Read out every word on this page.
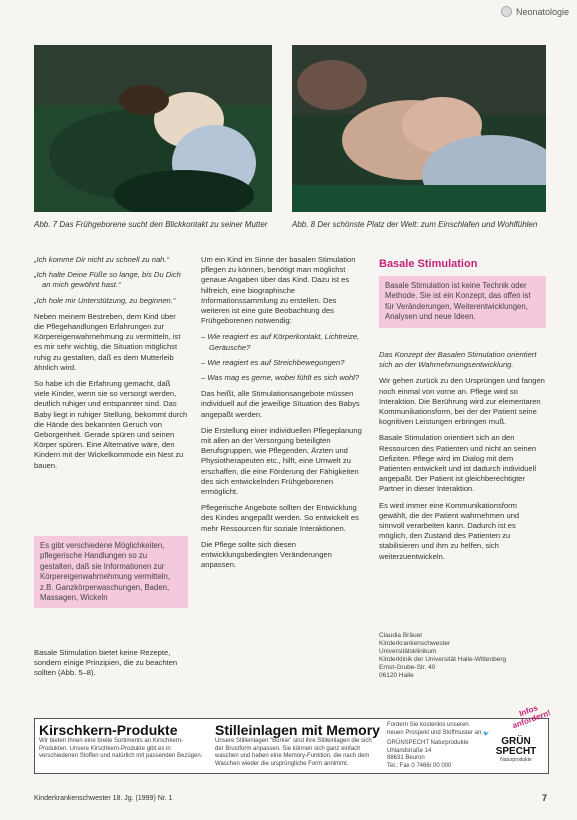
Neonatologie
Abb. 7 Das Frühgeborene sucht den Blickkontakt zu seiner Mutter	Abb. 8 Der schönste Platz der Welt: zum Einschlafen und Wohlfühlen
„Ich komme Dir nicht zu schnell zu nah.“
„Ich halte Deine Füße so lange, bis Du Dich an mich gewöhnt hast.“
„Ich hole mir Unterstützung, zu beginnen.“

Neben meinem Bestreben, dem Kind über die Pflegehandlungen Erfahrungen zur Körpereigenwahrnehmung zu vermitteln, ist es mir sehr wichtig, die Situation möglichst ruhig zu gestalten, daß es dem Mutterleib ähnlich wird.

So habe ich die Erfahrung gemacht, daß viele Kinder, wenn sie so versorgt werden, deutlich ruhiger und entspannter sind. Das Baby liegt in ruhiger Stellung, bekommt durch die Hände des bekannten Geruch von Geborgenheit. Gerade spüren und seinen Körper spüren. Eine Alternative wäre, den Kindern mit der Wickelkommode ein Nest zu bauen.

Es gibt verschiedene Möglichkeiten, pflegerische Handlungen so zu gestalten, daß sie Informationen zur Körpereigenwahrnehmung vermitteln, z.B. Ganzkörperwaschungen, Baden, Massagen, Wickeln

Basale Stimulation bietet keine Rezepte, sondern einige Prinzipien, die zu beachten sollten (Abb. 5–8).

Um ein Kind im Sinne der basalen Stimulation pflegen zu können, benötigt man möglichst genaue Angaben über das Kind. Dazu ist es hilfreich, eine biographische Informationssammlung zu erstellen. Des weiteren ist eine gute Beobachtung des Frühgeborenen notwendig:

– Wie reagiert es auf Körperkontakt, Lichtreize, Geräusche?
– Wie reagiert es auf Streichbewegungen?
– Was mag es gerne, wobei fühlt es sich wohl?

Das heißt, alle Stimulationsangebote müssen individuell auf die jeweilige Situation des Babys angepaßt werden.

Die Erstellung einer individuellen Pflegeplanung mit allen an der Versorgung beteiligten Berufsgruppen, wie Pflegenden, Ärzten und Physiotherapeuten etc., hilft, eine Umwelt zu erschaffen, die eine Förderung der Fähigkeiten des sich entwickelnden Frühgeborenen ermöglicht.

Pflegerische Angebote sollten der Entwicklung des Kindes angepaßt werden. So entwickelt es mehr Ressourcen für soziale Interaktionen.

Die Pflege sollte sich diesen entwicklungsbedingten Veränderungen anpassen.

Basale Stimulation
Basale Stimulation ist keine Technik oder Methode. Sie ist ein Konzept, das offen ist für Veränderungen, Weiterentwicklungen, Analysen und neue Ideen.

Das Konzept der Basalen Stimulation orientiert sich an der Wahrnehmungsentwicklung.

Wir gehen zurück zu den Ursprüngen und fangen noch einmal von vorne an. Pflege wird so Interaktion. Die Berührung wird zur elementaren Kommunikationsform, bei der der Patient seine kognitiven Leistungen erbringen muß.

Basale Stimulation orientiert sich an den Ressourcen des Patienten und nicht an seinen Defiziten. Pflege wird im Dialog mit dem Patienten entwickelt und ist dadurch individuell angepaßt. Der Patient ist gleichberechtigter Partner in dieser Interaktion.

Es wird immer eine Kommunikationsform gewählt, die der Patient wahrnehmen und sinnvoll verarbeiten kann. Dadurch ist es möglich, den Zustand des Patienten zu stabilisieren und ihm zu helfen, sich weiterzuentwickeln.

Claudia Bräuer
Kinderkrankenschwester
Universitätsklinikum
Kinderklinik der Universität Halle-Wittenberg
Ernst-Grube-Str. 40
06120 Halle
Kirschkern-Produkte
Wir bieten Ihnen eine breite Sortiments an Kirschkern-Produkten. Unsere Kirschkern-Produkte gibt es in verschiedenen Stoffen und natürlich mit passenden Bezügen.
Stilleinlagen mit Memory
Unsere Stilleinlagen "Borkie" sind ihre Stilleinlagen die sich der Brustform anpassen. Sie können sich ganz einfach waschen und haben eine Memory-Funktion, die nach dem Waschen wieder die ursprüngliche Form annimmt.
Fordern Sie kostenlos unseren neuen Prospekt und Stoffmuster an:
GRÜNSPECHT Naturprodukte
Uhlandstraße 14
88631 Beuron
Tel.: Fax 0 7466/ 00 000
GRÜN
SPECHT
Naturprodukte
🐦
Infos anfordern!
Kinderkrankenschwester 18. Jg. (1999) Nr. 1	7
